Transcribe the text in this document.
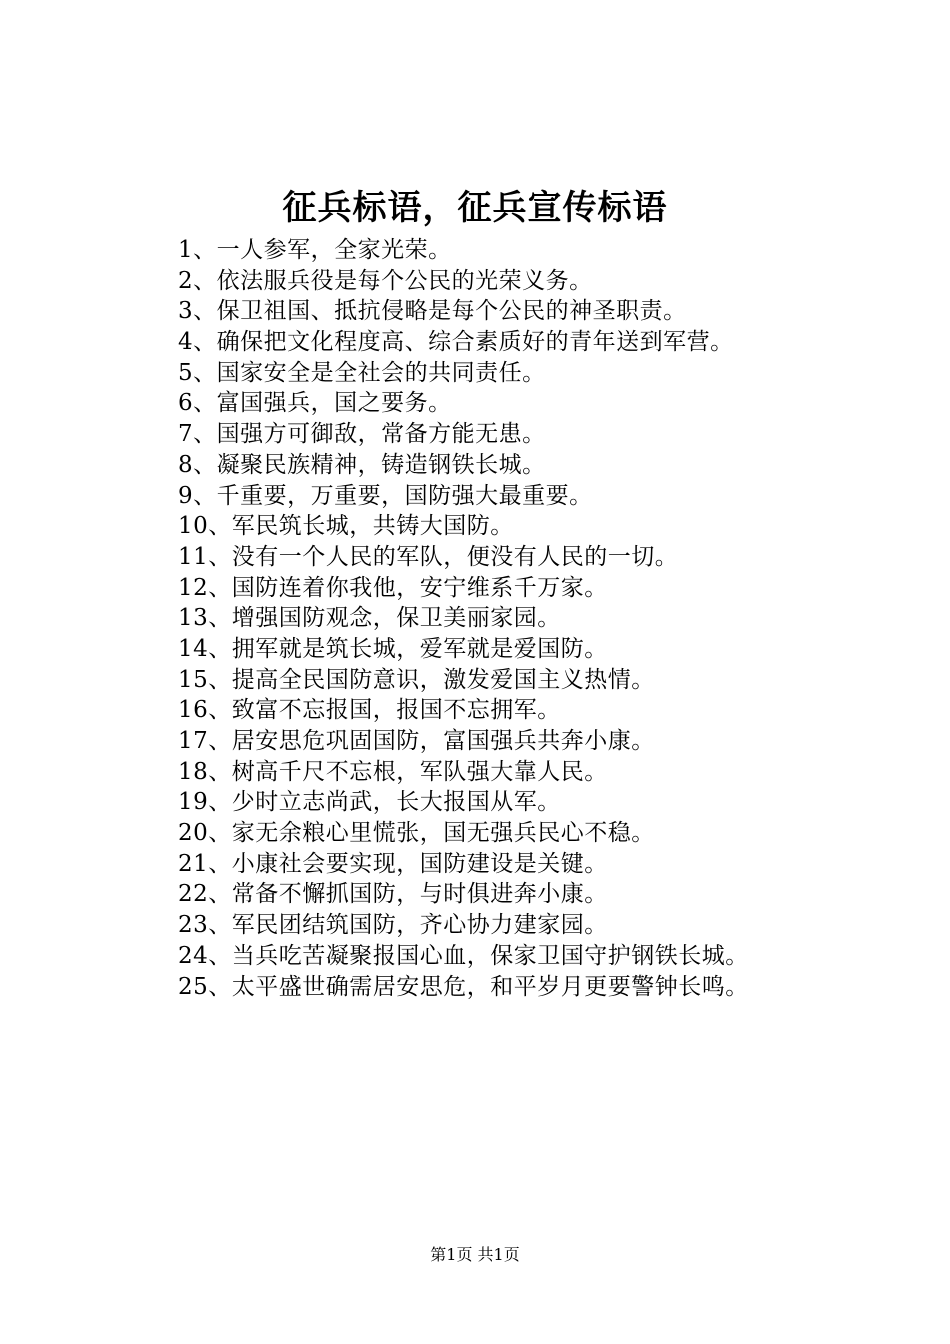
征兵标语，征兵宣传标语
1、一人参军，全家光荣。
2、依法服兵役是每个公民的光荣义务。
3、保卫祖国、抵抗侵略是每个公民的神圣职责。
4、确保把文化程度高、综合素质好的青年送到军营。
5、国家安全是全社会的共同责任。
6、富国强兵，国之要务。
7、国强方可御敌，常备方能无患。
8、凝聚民族精神，铸造钢铁长城。
9、千重要，万重要，国防强大最重要。
10、军民筑长城，共铸大国防。
11、没有一个人民的军队，便没有人民的一切。
12、国防连着你我他，安宁维系千万家。
13、增强国防观念，保卫美丽家园。
14、拥军就是筑长城，爱军就是爱国防。
15、提高全民国防意识，激发爱国主义热情。
16、致富不忘报国，报国不忘拥军。
17、居安思危巩固国防，富国强兵共奔小康。
18、树高千尺不忘根，军队强大靠人民。
19、少时立志尚武，长大报国从军。
20、家无余粮心里慌张，国无强兵民心不稳。
21、小康社会要实现，国防建设是关键。
22、常备不懈抓国防，与时俱进奔小康。
23、军民团结筑国防，齐心协力建家园。
24、当兵吃苦凝聚报国心血，保家卫国守护钢铁长城。
25、太平盛世确需居安思危，和平岁月更要警钟长鸣。
第1页 共1页
